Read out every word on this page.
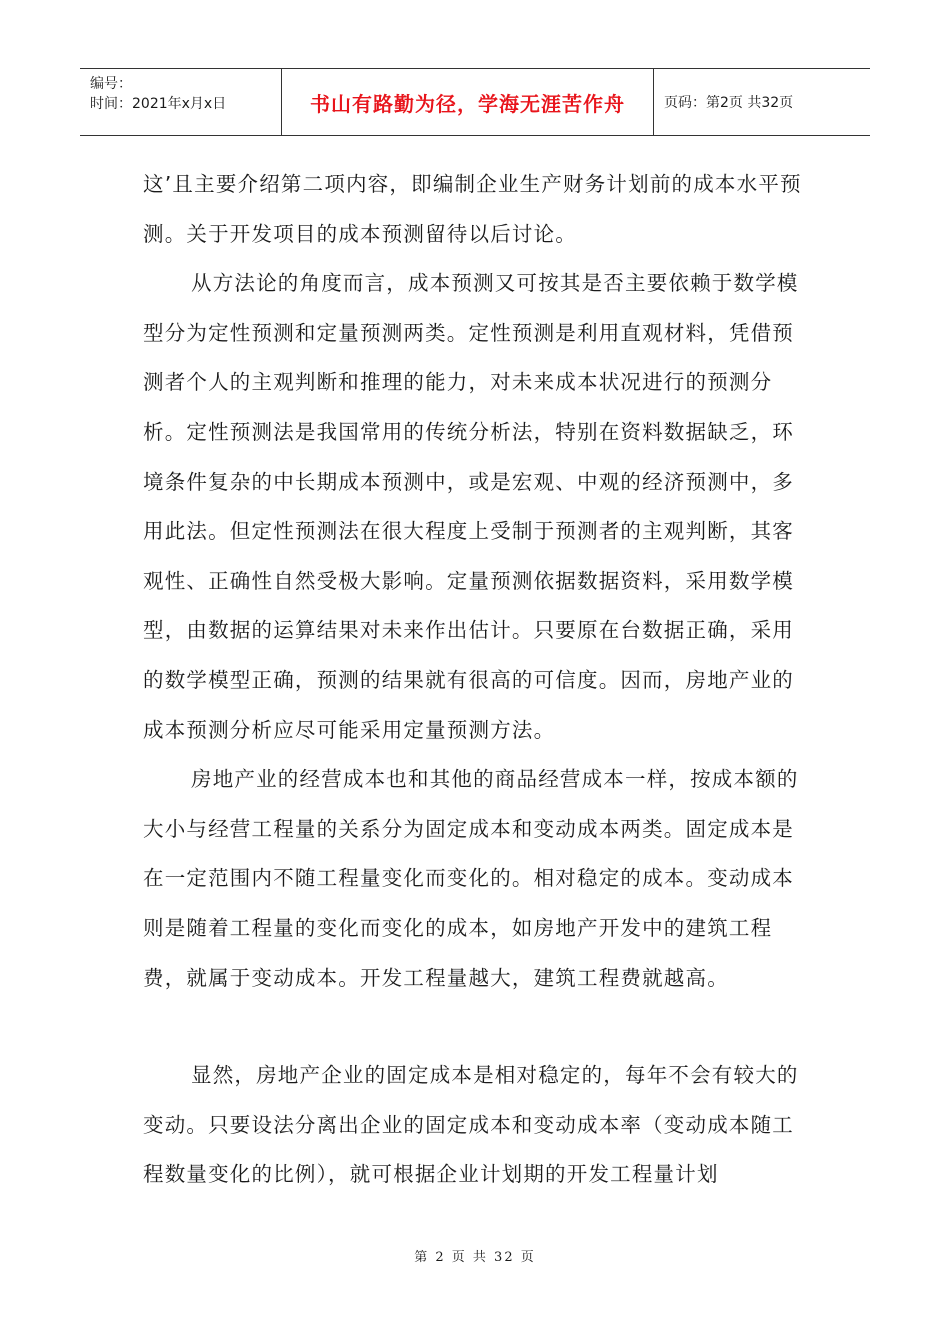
编号：
时间：2021年x月x日	书山有路勤为径，学海无涯苦作舟	页码：第2页 共32页

这’且主要介绍第二项内容，即编制企业生产财务计划前的成本水平预测。关于开发项目的成本预测留待以后讨论。

从方法论的角度而言，成本预测又可按其是否主要依赖于数学模型分为定性预测和定量预测两类。定性预测是利用直观材料，凭借预测者个人的主观判断和推理的能力，对未来成本状况进行的预测分析。定性预测法是我国常用的传统分析法，特别在资料数据缺乏，环境条件复杂的中长期成本预测中，或是宏观、中观的经济预测中，多用此法。但定性预测法在很大程度上受制于预测者的主观判断，其客观性、正确性自然受极大影响。定量预测依据数据资料，采用数学模型，由数据的运算结果对未来作出估计。只要原在台数据正确，采用的数学模型正确，预测的结果就有很高的可信度。因而，房地产业的成本预测分析应尽可能采用定量预测方法。

房地产业的经营成本也和其他的商品经营成本一样，按成本额的大小与经营工程量的关系分为固定成本和变动成本两类。固定成本是在一定范围内不随工程量变化而变化的。相对稳定的成本。变动成本则是随着工程量的变化而变化的成本，如房地产开发中的建筑工程费，就属于变动成本。开发工程量越大，建筑工程费就越高。

显然，房地产企业的固定成本是相对稳定的，每年不会有较大的变动。只要设法分离出企业的固定成本和变动成本率（变动成本随工程数量变化的比例），就可根据企业计划期的开发工程量计划

第 2 页 共 32 页
